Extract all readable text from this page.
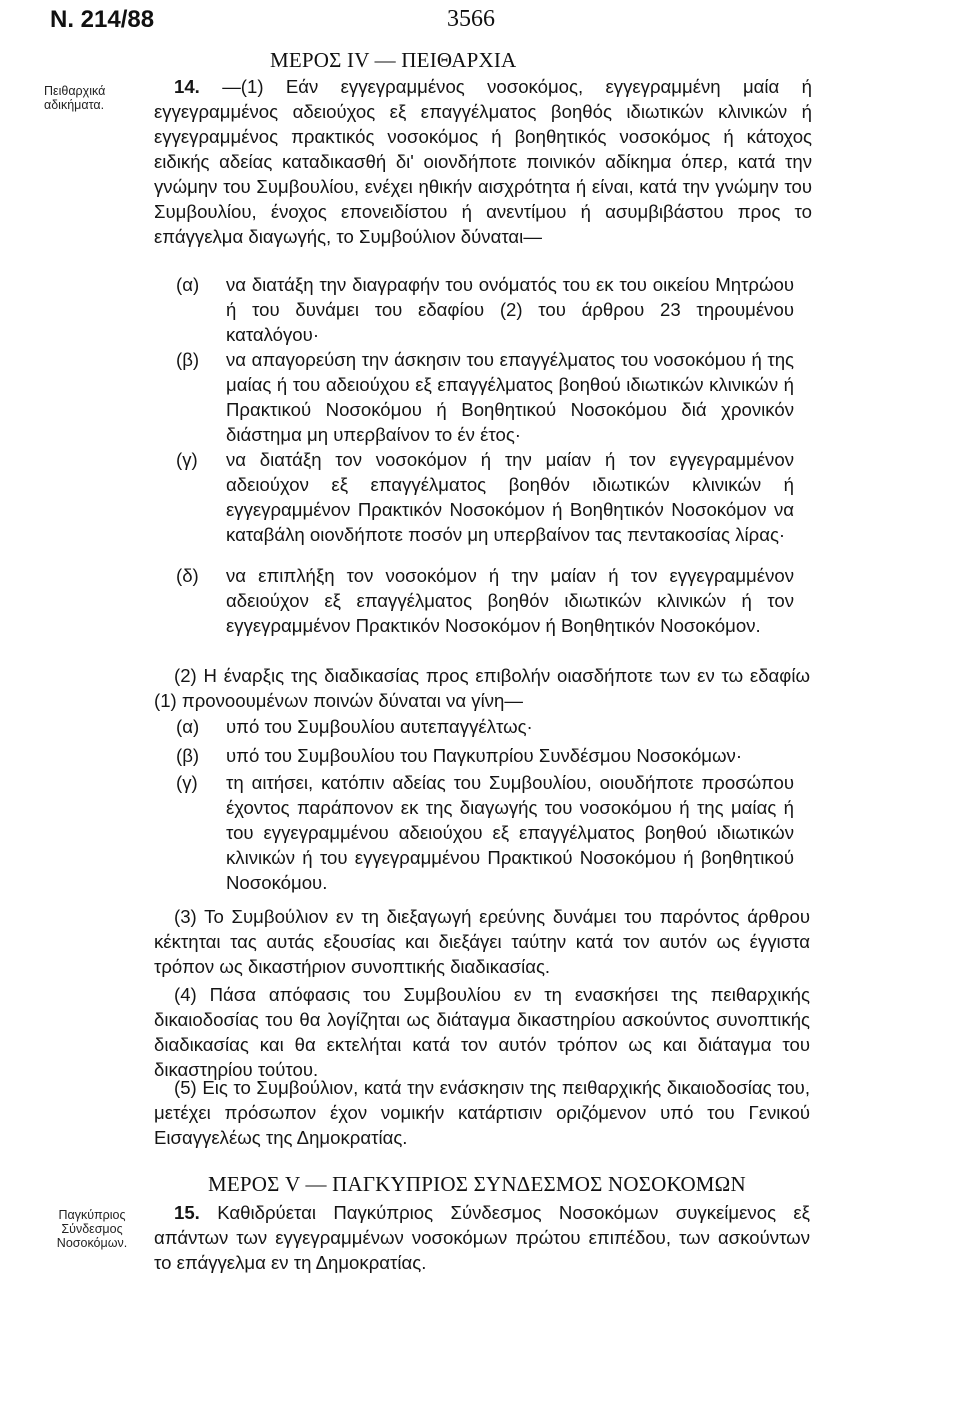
N. 214/88	3566
ΜΕΡΟΣ IV — ΠΕΙΘΑΡΧΙΑ
Πειθαρχικά αδικήματα.
14. —(1) Εάν εγγεγραμμένος νοσοκόμος, εγγεγραμμένη μαία ή εγγεγραμμένος αδειούχος εξ επαγγέλματος βοηθός ιδιωτικών κλινικών ή εγγεγραμμένος πρακτικός νοσοκόμος ή βοηθητικός νοσοκόμος ή κάτοχος ειδικής αδείας καταδικασθή δι' οιονδήποτε ποινικόν αδίκημα όπερ, κατά την γνώμην του Συμβουλίου, ενέχει ηθικήν αισχρότητα ή είναι, κατά την γνώμην του Συμβουλίου, ένοχος επονειδίστου ή ανεντίμου ή ασυμβιβάστου προς το επάγγελμα διαγωγής, το Συμβούλιον δύναται—
(α)	να διατάξη την διαγραφήν του ονόματός του εκ του οικείου Μητρώου ή του δυνάμει του εδαφίου (2) του άρθρου 23 τηρουμένου καταλόγου·
(β)	να απαγορεύση την άσκησιν του επαγγέλματος του νοσοκόμου ή της μαίας ή του αδειούχου εξ επαγγέλματος βοηθού ιδιωτικών κλινικών ή Πρακτικού Νοσοκόμου ή Βοηθητικού Νοσοκόμου διά χρονικόν διάστημα μη υπερβαίνον το έν έτος·
(γ)	να διατάξη τον νοσοκόμον ή την μαίαν ή τον εγγεγραμμένον αδειούχον εξ επαγγέλματος βοηθόν ιδιωτικών κλινικών ή εγγεγραμμένον Πρακτικόν Νοσοκόμον ή Βοηθητικόν Νοσοκόμον να καταβάλη οιονδήποτε ποσόν μη υπερβαίνον τας πεντακοσίας λίρας·
(δ)	να επιπλήξη τον νοσοκόμον ή την μαίαν ή τον εγγεγραμμένον αδειούχον εξ επαγγέλματος βοηθόν ιδιωτικών κλινικών ή τον εγγεγραμμένον Πρακτικόν Νοσοκόμον ή Βοηθητικόν Νοσοκόμον.
(2) Η έναρξις της διαδικασίας προς επιβολήν οιασδήποτε των εν τω εδαφίω (1) προνοουμένων ποινών δύναται να γίνη—
(α)	υπό του Συμβουλίου αυτεπαγγέλτως·
(β)	υπό του Συμβουλίου του Παγκυπρίου Συνδέσμου Νοσοκόμων·
(γ)	τη αιτήσει, κατόπιν αδείας του Συμβουλίου, οιουδήποτε προσώπου έχοντος παράπονον εκ της διαγωγής του νοσοκόμου ή της μαίας ή του εγγεγραμμένου αδειούχου εξ επαγγέλματος βοηθού ιδιωτικών κλινικών ή του εγγεγραμμένου Πρακτικού Νοσοκόμου ή βοηθητικού Νοσοκόμου.
(3) Το Συμβούλιον εν τη διεξαγωγή ερεύνης δυνάμει του παρόντος άρθρου κέκτηται τας αυτάς εξουσίας και διεξάγει ταύτην κατά τον αυτόν ως έγγιστα τρόπον ως δικαστήριον συνοπτικής διαδικασίας.
(4) Πάσα απόφασις του Συμβουλίου εν τη ενασκήσει της πειθαρχικής δικαιοδοσίας του θα λογίζηται ως διάταγμα δικαστηρίου ασκούντος συνοπτικής διαδικασίας και θα εκτελήται κατά τον αυτόν τρόπον ως και διάταγμα του δικαστηρίου τούτου.
(5) Εις το Συμβούλιον, κατά την ενάσκησιν της πειθαρχικής δικαιοδοσίας του, μετέχει πρόσωπον έχον νομικήν κατάρτισιν οριζόμενον υπό του Γενικού Εισαγγελέως της Δημοκρατίας.
ΜΕΡΟΣ V — ΠΑΓΚΥΠΡΙΟΣ ΣΥΝΔΕΣΜΟΣ ΝΟΣΟΚΟΜΩΝ
Παγκύπριος Σύνδεσμος Νοσοκόμων.
15. Καθιδρύεται Παγκύπριος Σύνδεσμος Νοσοκόμων συγκείμενος εξ απάντων των εγγεγραμμένων νοσοκόμων πρώτου επιπέδου, των ασκούντων το επάγγελμα εν τη Δημοκρατίας.
